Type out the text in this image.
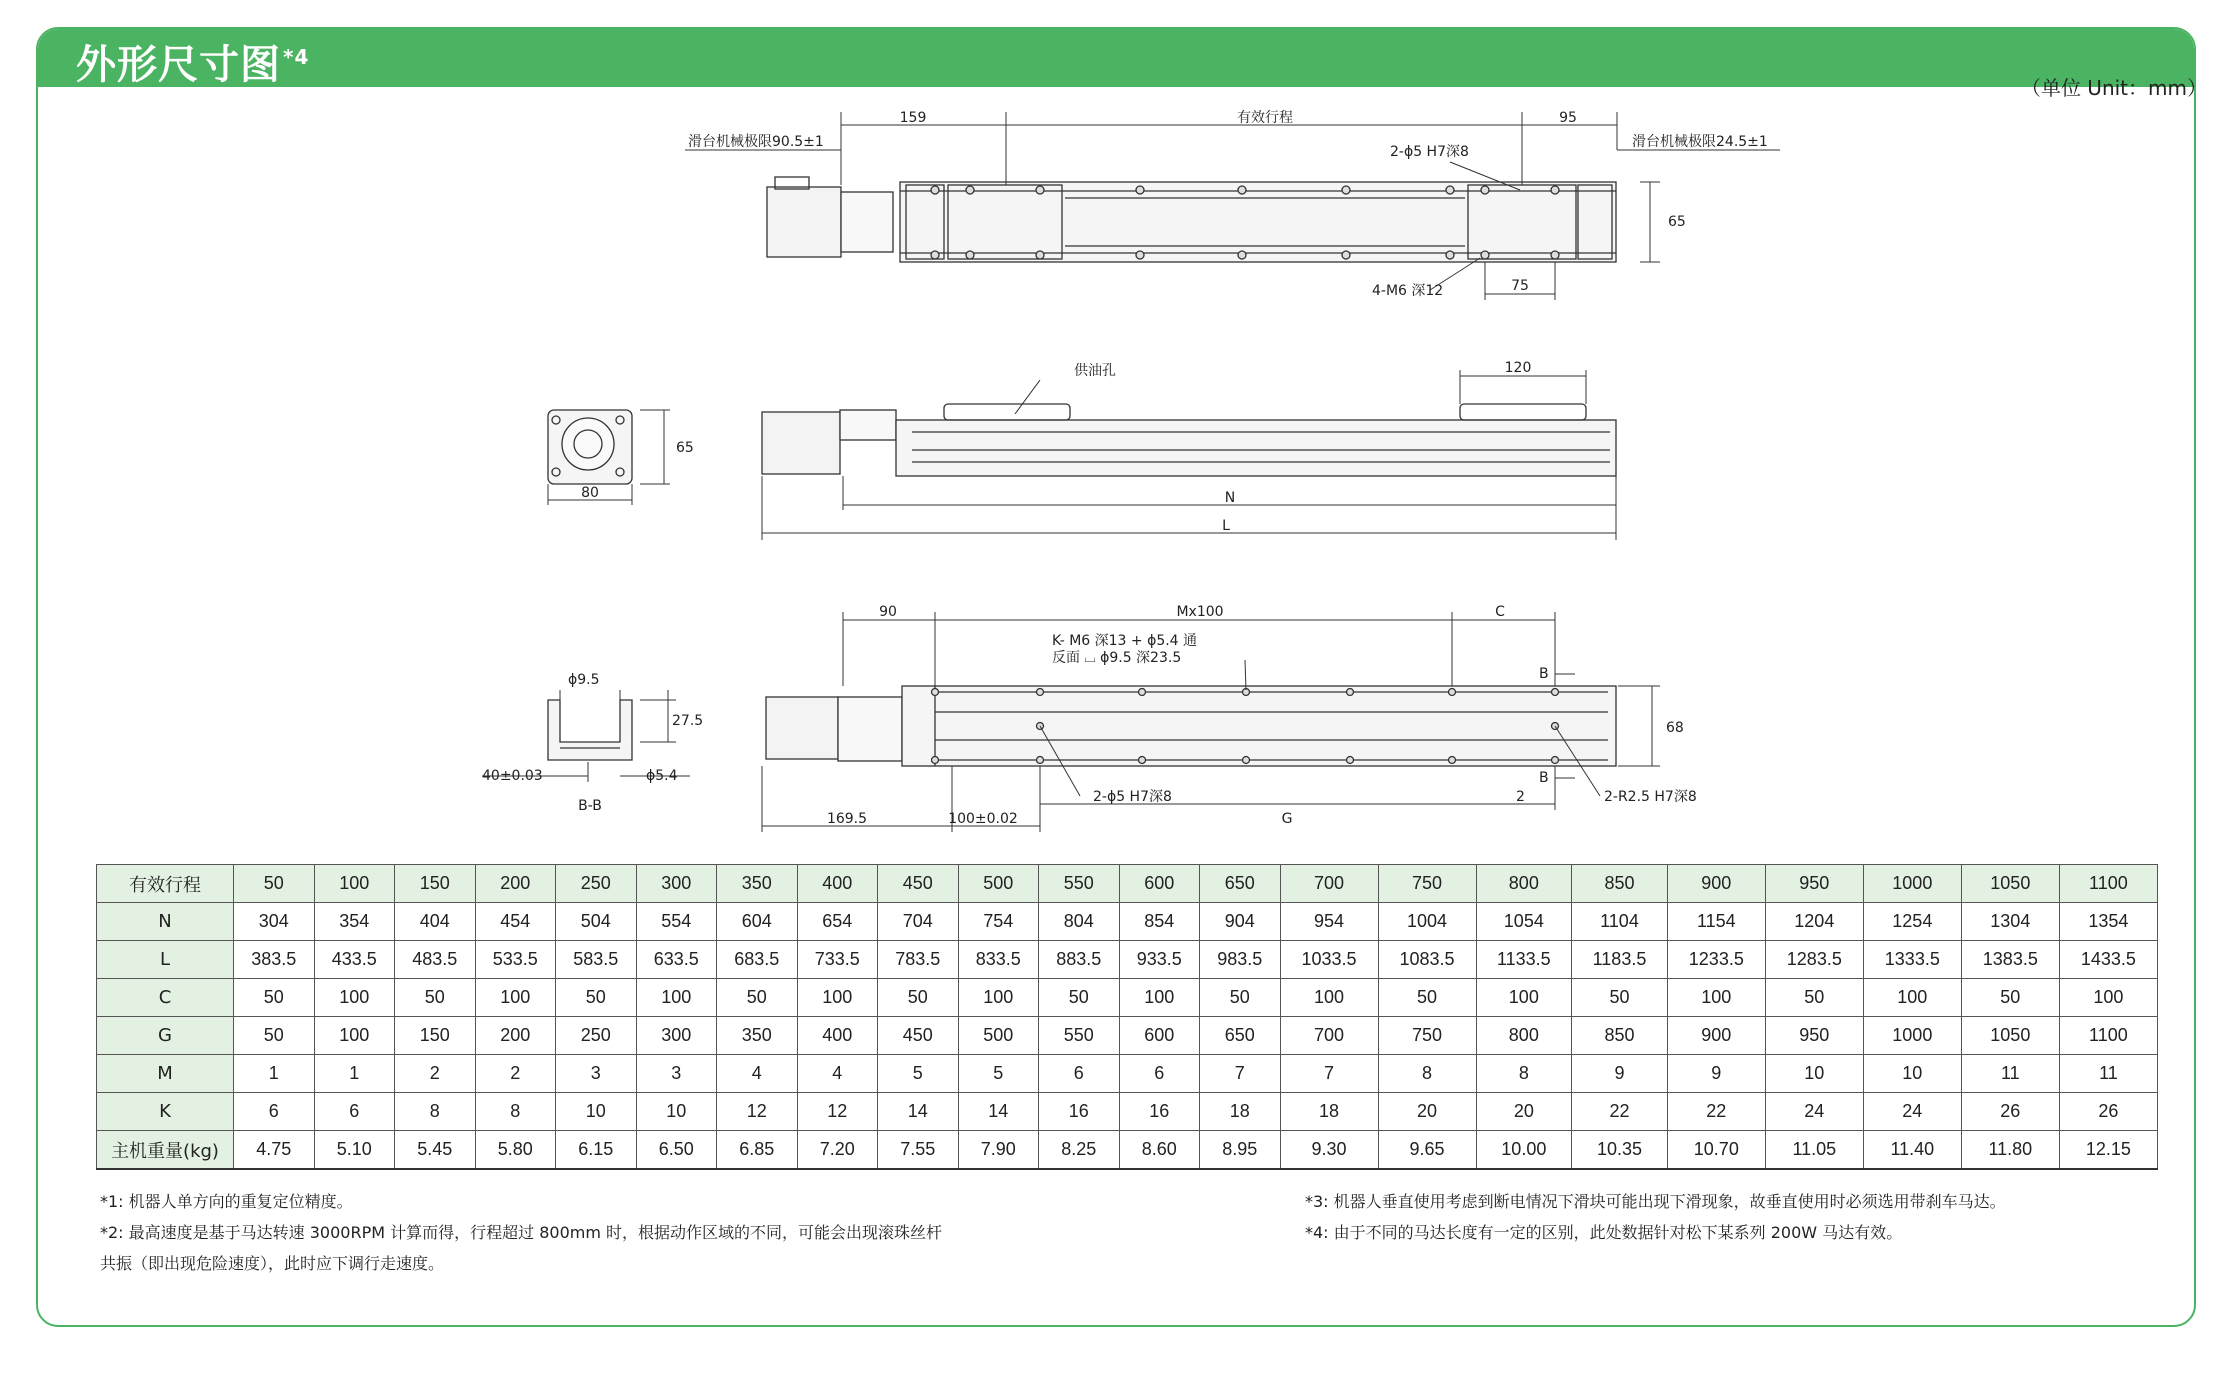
外形尺寸图 $^{*4}$
（单位 Unit：mm）
159	有效行程	95
滑台机械极限90.5±1	滑台机械极限24.5±1
2-ϕ5 H7深8
4-M6 深12	75
65
供油孔	120
N
L
65
80
90	Mx100	C
K- M6 深13 + ϕ5.4 通
反面 ⌴ ϕ9.5 深23.5
B
B
68
2-ϕ5 H7深8	2	2-R2.5 H7深8
169.5	100±0.02	G
ϕ9.5
27.5
40±0.03	ϕ5.4
B-B
有效行程	50	100	150	200	250	300	350	400	450	500	550	600	650	700	750	800	850	900	950	1000	1050	1100
N	304	354	404	454	504	554	604	654	704	754	804	854	904	954	1004	1054	1104	1154	1204	1254	1304	1354
L	383.5	433.5	483.5	533.5	583.5	633.5	683.5	733.5	783.5	833.5	883.5	933.5	983.5	1033.5	1083.5	1133.5	1183.5	1233.5	1283.5	1333.5	1383.5	1433.5
C	50	100	50	100	50	100	50	100	50	100	50	100	50	100	50	100	50	100	50	100	50	100
G	50	100	150	200	250	300	350	400	450	500	550	600	650	700	750	800	850	900	950	1000	1050	1100
M	1	1	2	2	3	3	4	4	5	5	6	6	7	7	8	8	9	9	10	10	11	11
K	6	6	8	8	10	10	12	12	14	14	16	16	18	18	20	20	22	22	24	24	26	26
主机重量(kg)	4.75	5.10	5.45	5.80	6.15	6.50	6.85	7.20	7.55	7.90	8.25	8.60	8.95	9.30	9.65	10.00	10.35	10.70	11.05	11.40	11.80	12.15
*1: 机器人单方向的重复定位精度。
*2: 最高速度是基于马达转速 3000RPM 计算而得，行程超过 800mm 时，根据动作区域的不同，可能会出现滚珠丝杆
共振（即出现危险速度），此时应下调行走速度。
*3: 机器人垂直使用考虑到断电情况下滑块可能出现下滑现象，故垂直使用时必须选用带刹车马达。
*4: 由于不同的马达长度有一定的区别，此处数据针对松下某系列 200W 马达有效。
